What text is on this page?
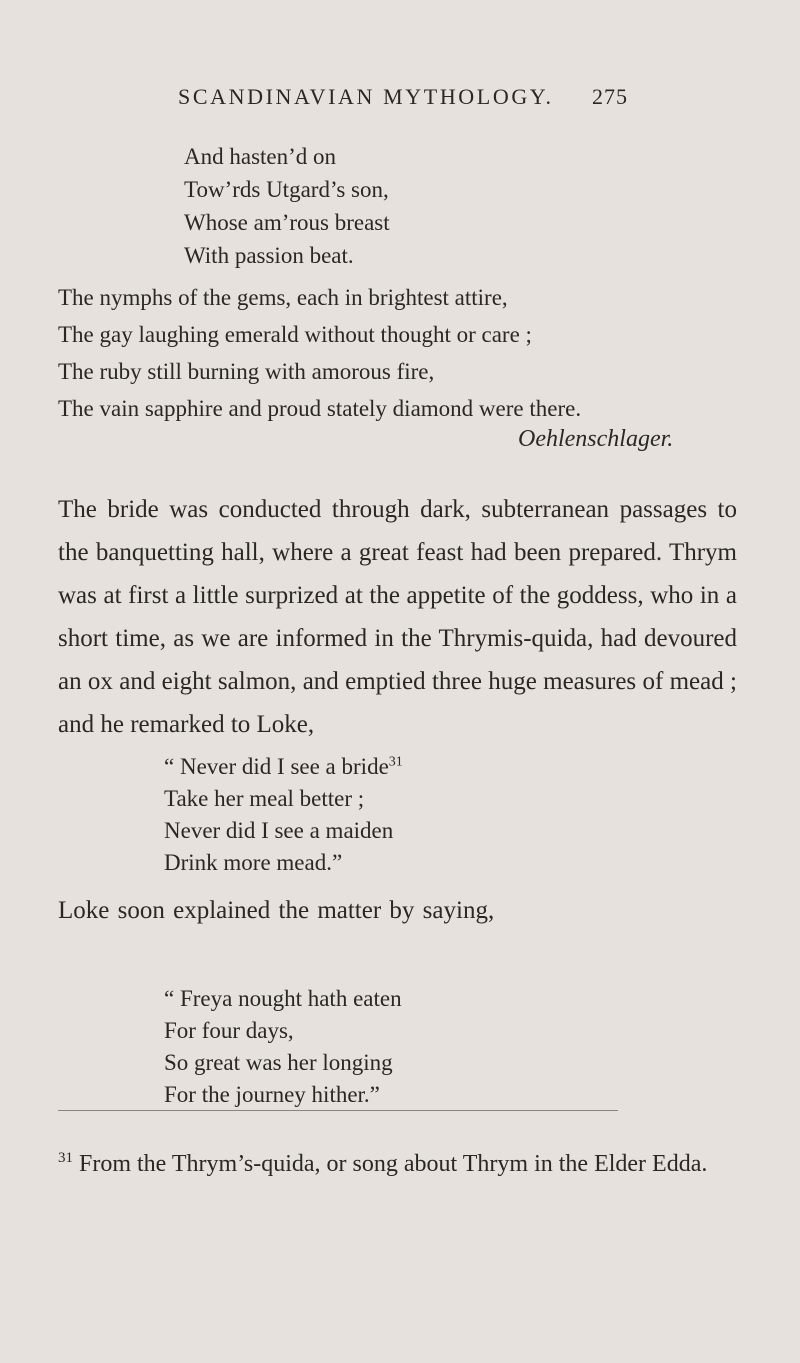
SCANDINAVIAN MYTHOLOGY. 275
And hasten’d on
Tow’rds Utgard’s son,
Whose am’rous breast
With passion beat.
The nymphs of the gems, each in brightest attire,
The gay laughing emerald without thought or care ;
The ruby still burning with amorous fire,
The vain sapphire and proud stately diamond were there.
Oehlenschlager.
The bride was conducted through dark, subterranean passages to the banquetting hall, where a great feast had been prepared. Thrym was at first a little surprized at the appetite of the goddess, who in a short time, as we are informed in the Thrymis-quida, had devoured an ox and eight salmon, and emptied three huge measures of mead ; and he remarked to Loke,
“ Never did I see a bride$^{31}$
Take her meal better ;
Never did I see a maiden
Drink more mead.”
Loke soon explained the matter by saying,
“ Freya nought hath eaten
For four days,
So great was her longing
For the journey hither.”
$^{31}$ From the Thrym’s-quida, or song about Thrym in the Elder Edda.
